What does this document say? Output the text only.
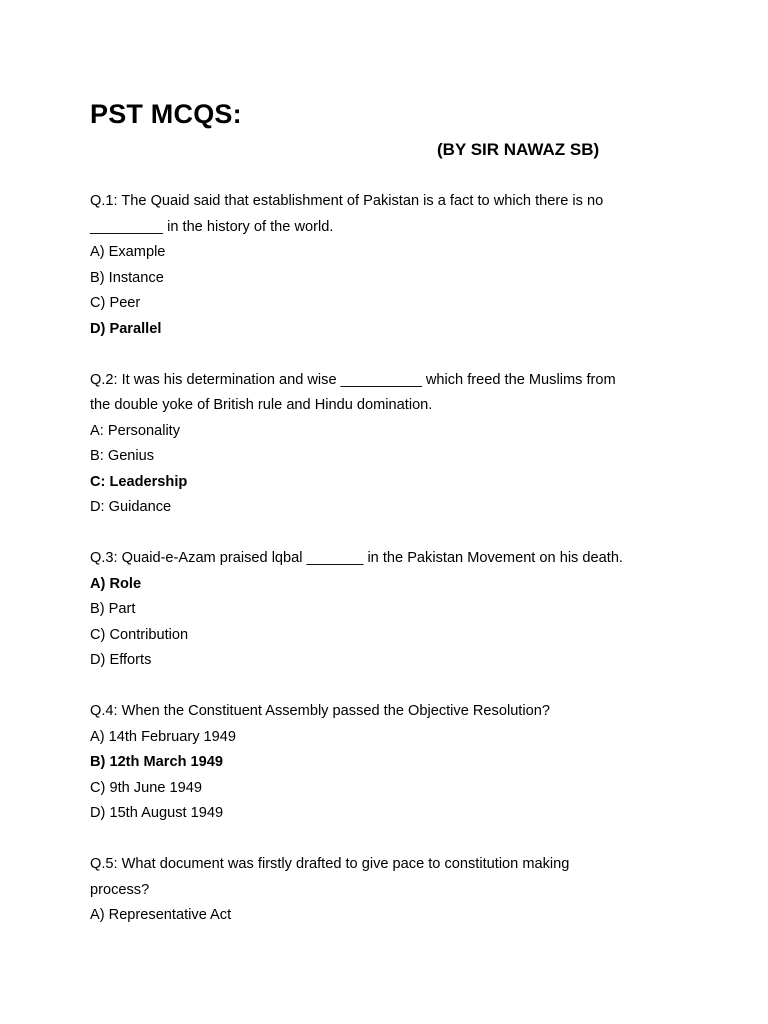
PST MCQS:
(BY SIR NAWAZ SB)

Q.1: The Quaid said that establishment of Pakistan is a fact to which there is no

_________ in the history of the world.

A) Example

B) Instance

C) Peer

D) Parallel

Q.2: It was his determination and wise __________ which freed the Muslims from

the double yoke of British rule and Hindu domination.

A: Personality

B: Genius

C: Leadership

D: Guidance

Q.3: Quaid-e-Azam praised lqbal _______ in the Pakistan Movement on his death.

A) Role

B) Part

C) Contribution

D) Efforts

Q.4: When the Constituent Assembly passed the Objective Resolution?

A) 14th February 1949

B) 12th March 1949

C) 9th June 1949

D) 15th August 1949

Q.5: What document was firstly drafted to give pace to constitution making

process?

A) Representative Act
